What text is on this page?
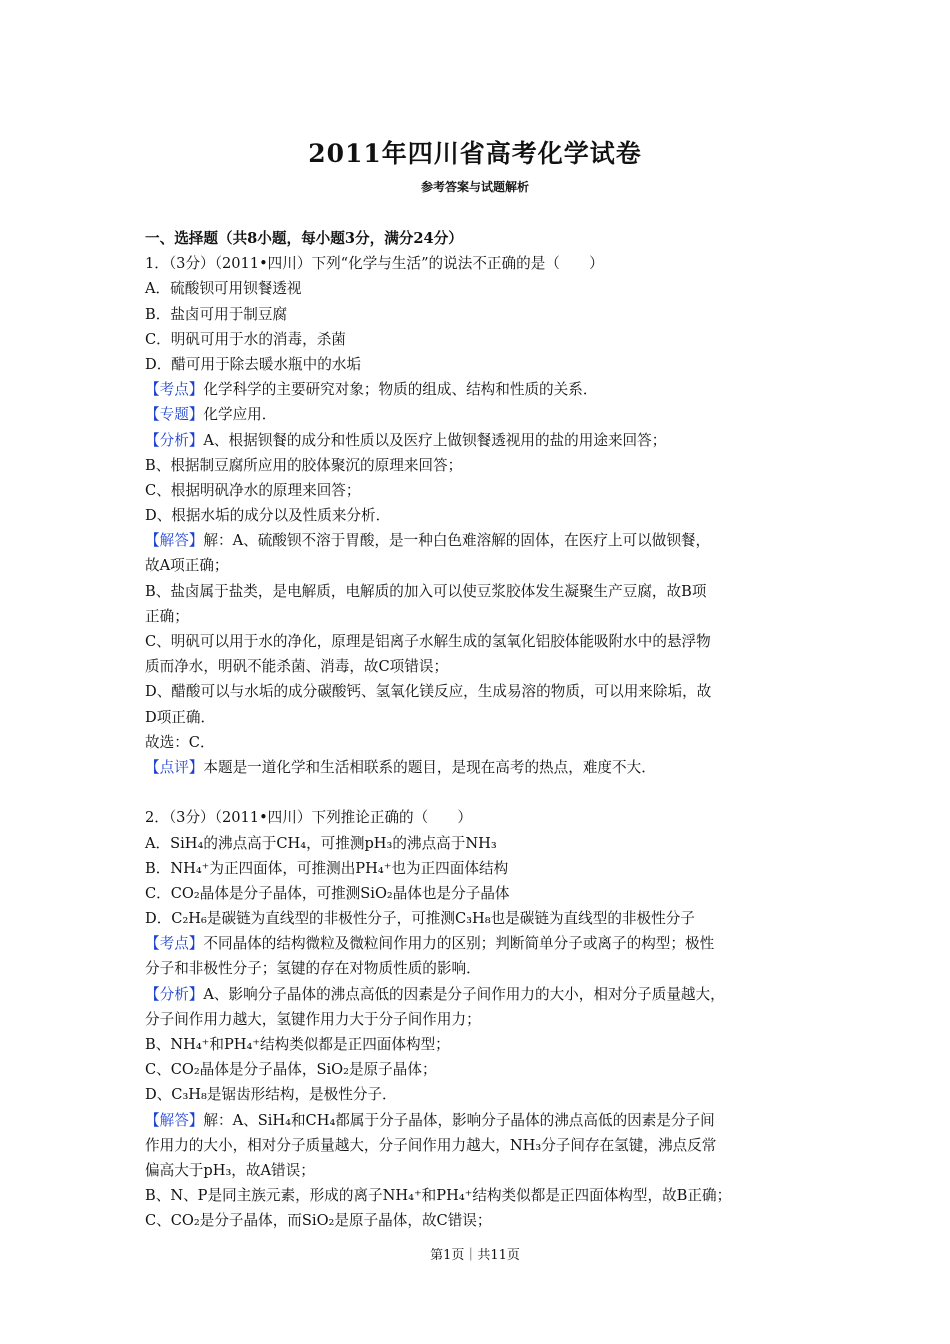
2011年四川省高考化学试卷
参考答案与试题解析
一、选择题（共8小题，每小题3分，满分24分）
1．（3分）（2011•四川）下列“化学与生活”的说法不正确的是（　　）
A．硫酸钡可用钡餐透视
B．盐卤可用于制豆腐
C．明矾可用于水的消毒，杀菌
D．醋可用于除去暖水瓶中的水垢
【考点】化学科学的主要研究对象；物质的组成、结构和性质的关系．
【专题】化学应用．
【分析】A、根据钡餐的成分和性质以及医疗上做钡餐透视用的盐的用途来回答；
B、根据制豆腐所应用的胶体聚沉的原理来回答；
C、根据明矾净水的原理来回答；
D、根据水垢的成分以及性质来分析．
【解答】解：A、硫酸钡不溶于胃酸，是一种白色难溶解的固体，在医疗上可以做钡餐，
故A项正确；
B、盐卤属于盐类，是电解质，电解质的加入可以使豆浆胶体发生凝聚生产豆腐，故B项
正确；
C、明矾可以用于水的净化，原理是铝离子水解生成的氢氧化铝胶体能吸附水中的悬浮物
质而净水，明矾不能杀菌、消毒，故C项错误；
D、醋酸可以与水垢的成分碳酸钙、氢氧化镁反应，生成易溶的物质，可以用来除垢，故
D项正确．
故选：C．
【点评】本题是一道化学和生活相联系的题目，是现在高考的热点，难度不大．
2．（3分）（2011•四川）下列推论正确的（　　）
A．SiH₄的沸点高于CH₄，可推测pH₃的沸点高于NH₃
B．NH₄⁺为正四面体，可推测出PH₄⁺也为正四面体结构
C．CO₂晶体是分子晶体，可推测SiO₂晶体也是分子晶体
D．C₂H₆是碳链为直线型的非极性分子，可推测C₃H₈也是碳链为直线型的非极性分子
【考点】不同晶体的结构微粒及微粒间作用力的区别；判断简单分子或离子的构型；极性
分子和非极性分子；氢键的存在对物质性质的影响．
【分析】A、影响分子晶体的沸点高低的因素是分子间作用力的大小，相对分子质量越大，
分子间作用力越大，氢键作用力大于分子间作用力；
B、NH₄⁺和PH₄⁺结构类似都是正四面体构型；
C、CO₂晶体是分子晶体，SiO₂是原子晶体；
D、C₃H₈是锯齿形结构，是极性分子．
【解答】解：A、SiH₄和CH₄都属于分子晶体，影响分子晶体的沸点高低的因素是分子间
作用力的大小，相对分子质量越大，分子间作用力越大，NH₃分子间存在氢键，沸点反常
偏高大于pH₃，故A错误；
B、N、P是同主族元素，形成的离子NH₄⁺和PH₄⁺结构类似都是正四面体构型，故B正确；
C、CO₂是分子晶体，而SiO₂是原子晶体，故C错误；
第1页｜共11页
